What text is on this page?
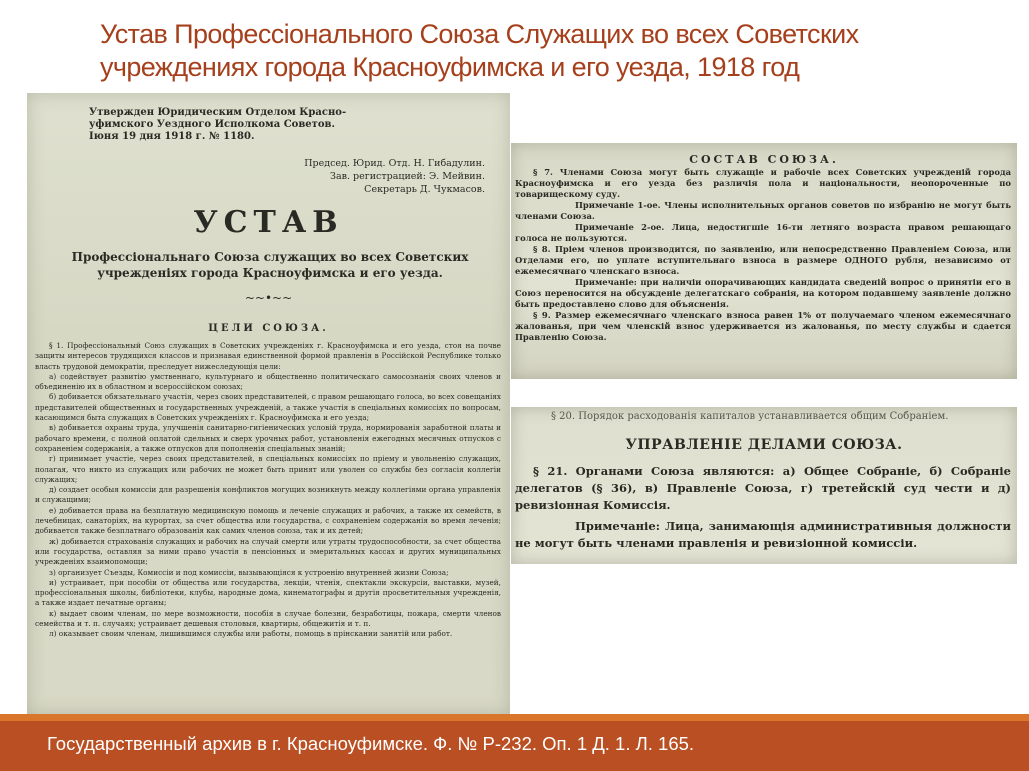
Устав Профессіонального Союза Служащих во всех Советских
учреждениях города Красноуфимска и его уезда, 1918 год
Утвержден Юридическим Отделом Красно-
уфимского Уездного Исполкома Советов.
Іюня 19 дня 1918 г. № 1180.
Председ. Юрид. Отд. Н. Гибадулин.
Зав. регистрацией: Э. Мейвин.
Секретарь Д. Чукмасов.
УСТАВ
Профессіональнаго Союза служащих во всех Советских учрежденіях города Красноуфимска и его уезда.
~~•~~
ЦЕЛИ СОЮЗА.

§ 1. Профессіональный Союз служащих в Советских учрежденіях г. Красноуфимска и его уезда, стоя на почве защиты интересов трудящихся классов и признавая единственной формой правленія в Россійской Республике только власть трудовой демократіи, преследует нижеследующія цели:

а) содействует развитію умственнаго, культурнаго и общественно политическаго самосознанія своих членов и объединенію их в областном и всероссійском союзах;

б) добивается обязательнаго участія, через своих представителей, с правом решающаго голоса, во всех совещаніях представителей общественных и государственных учрежденій, а также участія в спеціальных комиссіях по вопросам, касающимся быта служащих в Советских учрежденіях г. Красноуфимска и его уезда;

в) добивается охраны труда, улучшенія санитарно-гигіенических условій труда, нормированія заработной платы и рабочаго времени, с полной оплатой сдельных и сверх урочных работ, установленія ежегодных месячных отпусков с сохраненіем содержанія, а также отпусков для пополненія спеціальных знаній;

г) принимает участіе, через своих представителей, в спеціальных комиссіях по пріему и увольненію служащих, полагая, что никто из служащих или рабочих не может быть принят или уволен со службы без согласія коллегіи служащих;

д) создает особыя комиссіи для разрешенія конфликтов могущих возникнуть между коллегіями органа управленія и служащими;

е) добивается права на безплатную медицинскую помощь и леченіе служащих и рабочих, а также их семейств, в лечебницах, санаторіях, на курортах, за счет общества или государства, с сохраненіем содержанія во время леченія; добивается также безплатнаго образованія как самих членов союза, так и их детей;

ж) добивается страхованія служащих и рабочих на случай смерти или утраты трудоспособности, за счет общества или государства, оставляя за ними право участія в пенсіонных и эмеритальных кассах и других муниципальных учрежденіях взаимопомощи;

з) организует Съезды, Комиссіи и под комиссіи, вызывающіяся к устроенію внутренней жизни Союза;

и) устраивает, при пособіи от общества или государства, лекціи, чтенія, спектакли экскурсіи, выставки, музей, профессіональныя школы, библіотеки, клубы, народные дома, кинематографы и другія просветительныя учрежденія, а также издает печатные органы;

к) выдает своим членам, по мере возможности, пособія в случае болезни, безработицы, пожара, смерти членов семейства и т. п. случаях; устраивает дешевыя столовыя, квартиры, общежитія и т. п.

л) оказывает своим членам, лишившимся службы или работы, помощь в прінскании занятій или работ.

СОСТАВ СОЮЗА.

§ 7. Членами Союза могут быть служащіе и рабочіе всех Советских учрежденій города Красноуфимска и его уезда без различія пола и національности, неопороченные по товарищескому суду.

Примечаніе 1-ое. Члены исполнительных органов советов по избранію не могут быть членами Союза.

Примечаніе 2-ое. Лица, недостигшіе 16-ти летняго возраста правом решающаго голоса не пользуются.

§ 8. Пріем членов производится, по заявленію, или непосредственно Правленіем Союза, или Отделами его, по уплате вступительнаго взноса в размере ОДНОГО рубля, независимо от ежемесячнаго членскаго взноса.

Примечаніе: при наличіи опорачивающих кандидата сведеній вопрос о принятіи его в Союз переносится на обсужденіе делегатскаго собранія, на котором подавшему заявленіе должно быть предоставлено слово для объясненія.

§ 9. Размер ежемесячнаго членскаго взноса равен 1% от получаемаго членом ежемесячнаго жалованья, при чем членскій взнос удерживается из жалованья, по месту службы и сдается Правленію Союза.

§ 20. Порядок расходованія капиталов устанавливается общим Собраніем.
УПРАВЛЕНІЕ ДЕЛАМИ СОЮЗА.

§ 21. Органами Союза являются: а) Общее Собраніе, б) Собраніе делегатов (§ 36), в) Правленіе Союза, г) третейскій суд чести и д) ревизіонная Комиссія.

Примечаніе: Лица, занимающія административныя должности не могут быть членами правленія и ревизіонной комиссіи.

Государственный архив в г. Красноуфимске. Ф. № Р-232. Оп. 1 Д. 1. Л. 165.
